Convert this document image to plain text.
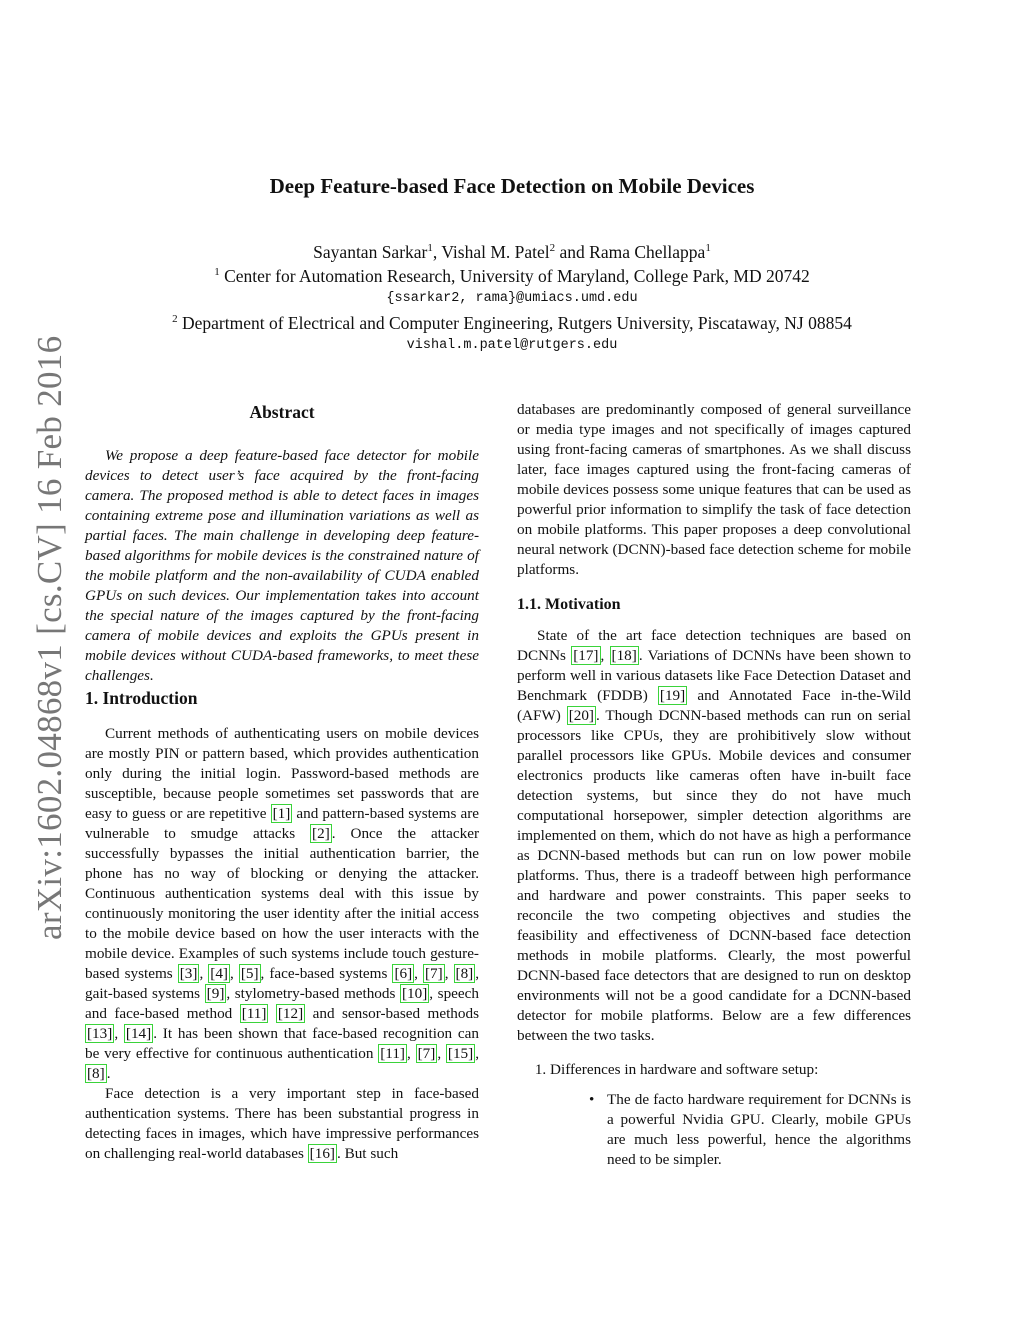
arXiv:1602.04868v1 [cs.CV] 16 Feb 2016
Deep Feature-based Face Detection on Mobile Devices
Sayantan Sarkar$^1$, Vishal M. Patel$^2$ and Rama Chellappa$^1$
$^1$ Center for Automation Research, University of Maryland, College Park, MD 20742
{ssarkar2, rama}@umiacs.umd.edu
$^2$ Department of Electrical and Computer Engineering, Rutgers University, Piscataway, NJ 08854
vishal.m.patel@rutgers.edu
Abstract

We propose a deep feature-based face detector for mobile devices to detect user’s face acquired by the front-facing camera. The proposed method is able to detect faces in images containing extreme pose and illumination variations as well as partial faces. The main challenge in developing deep feature-based algorithms for mobile devices is the constrained nature of the mobile platform and the non-availability of CUDA enabled GPUs on such devices. Our implementation takes into account the special nature of the images captured by the front-facing camera of mobile devices and exploits the GPUs present in mobile devices without CUDA-based frameworks, to meet these challenges.

1. Introduction

Current methods of authenticating users on mobile devices are mostly PIN or pattern based, which provides authentication only during the initial login. Password-based methods are susceptible, because people sometimes set passwords that are easy to guess or are repetitive [1] and pattern-based systems are vulnerable to smudge attacks [2] . Once the attacker successfully bypasses the initial authentication barrier, the phone has no way of blocking or denying the attacker. Continuous authentication systems deal with this issue by continuously monitoring the user identity after the initial access to the mobile device based on how the user interacts with the mobile device. Examples of such systems include touch gesture-based systems [3] , [4] , [5] , face-based systems [6] , [7] , [8] , gait-based systems [9] , stylometry-based methods [10] , speech and face-based method [11] [12] and sensor-based methods [13] , [14] . It has been shown that face-based recognition can be very effective for continuous authentication [11] , [7] , [15] , [8] .

Face detection is a very important step in face-based authentication systems. There has been substantial progress in detecting faces in images, which have impressive performances on challenging real-world databases [16] . But such

databases are predominantly composed of general surveillance or media type images and not specifically of images captured using front-facing cameras of smartphones. As we shall discuss later, face images captured using the front-facing cameras of mobile devices possess some unique features that can be used as powerful prior information to simplify the task of face detection on mobile platforms. This paper proposes a deep convolutional neural network (DCNN)-based face detection scheme for mobile platforms.

1.1. Motivation

State of the art face detection techniques are based on DCNNs [17] , [18] . Variations of DCNNs have been shown to perform well in various datasets like Face Detection Dataset and Benchmark (FDDB) [19] and Annotated Face in-the-Wild (AFW) [20] . Though DCNN-based methods can run on serial processors like CPUs, they are prohibitively slow without parallel processors like GPUs. Mobile devices and consumer electronics products like cameras often have in-built face detection systems, but since they do not have much computational horsepower, simpler detection algorithms are implemented on them, which do not have as high a performance as DCNN-based methods but can run on low power mobile platforms. Thus, there is a tradeoff between high performance and hardware and power constraints. This paper seeks to reconcile the two competing objectives and studies the feasibility and effectiveness of DCNN-based face detection methods in mobile platforms. Clearly, the most powerful DCNN-based face detectors that are designed to run on desktop environments will not be a good candidate for a DCNN-based detector for mobile platforms. Below are a few differences between the two tasks.

1. Differences in hardware and software setup:
• The de facto hardware requirement for DCNNs is a powerful Nvidia GPU. Clearly, mobile GPUs are much less powerful, hence the algorithms need to be simpler.
